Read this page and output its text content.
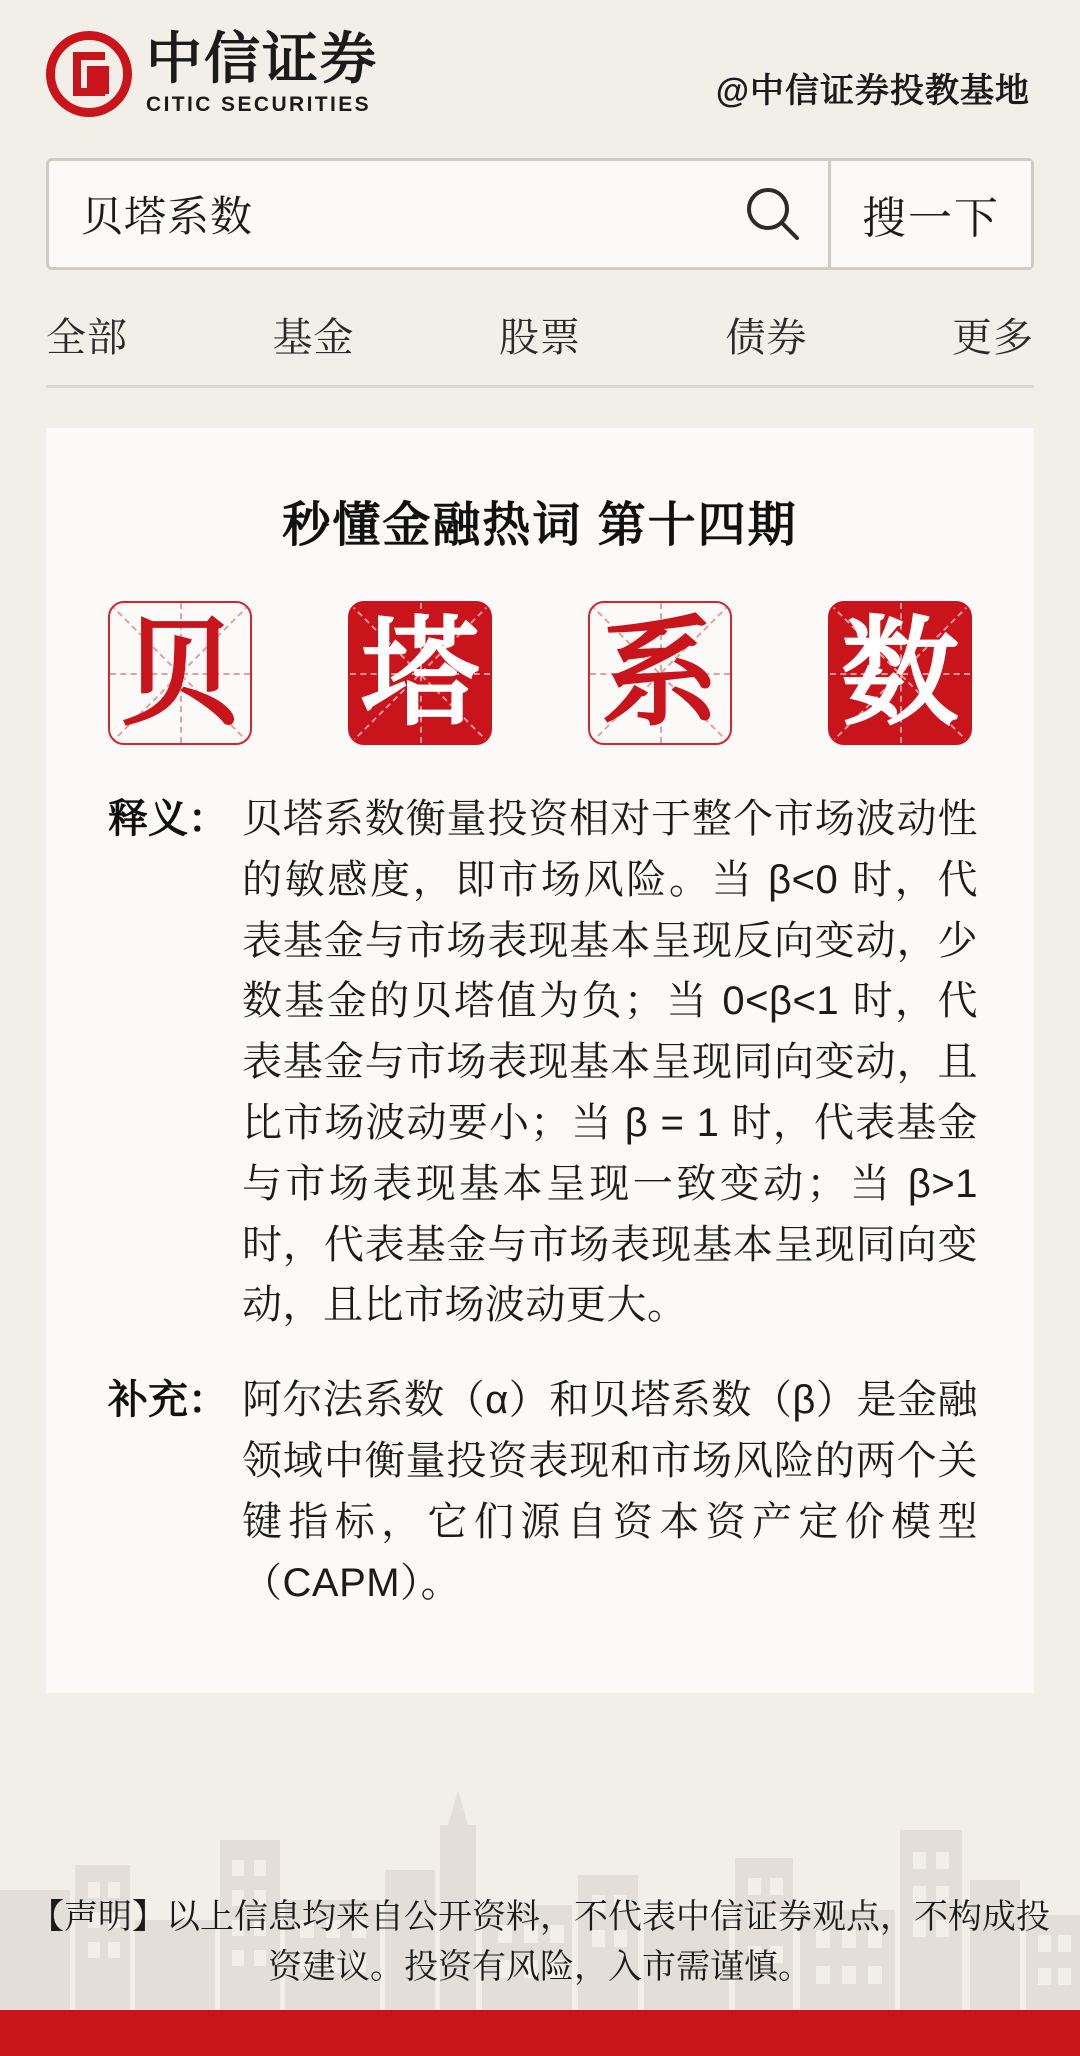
中信证券
CITIC SECURITIES	@中信证券投教基地
贝塔系数	搜一下
全部	基金	股票	债券	更多
秒懂金融热词 第十四期
贝 塔 系 数
释义： 贝塔系数衡量投资相对于整个市场波动性的敏感度，即市场风险。当 β<0 时，代表基金与市场表现基本呈现反向变动，少数基金的贝塔值为负；当 0<β<1 时，代表基金与市场表现基本呈现同向变动，且比市场波动要小；当 β = 1 时，代表基金与市场表现基本呈现一致变动；当 β>1 时，代表基金与市场表现基本呈现同向变动，且比市场波动更大。
补充： 阿尔法系数（α）和贝塔系数（β）是金融领域中衡量投资表现和市场风险的两个关键指标，它们源自资本资产定价模型（CAPM）。
【声明】以上信息均来自公开资料，不代表中信证券观点，不构成投资建议。投资有风险，入市需谨慎。
